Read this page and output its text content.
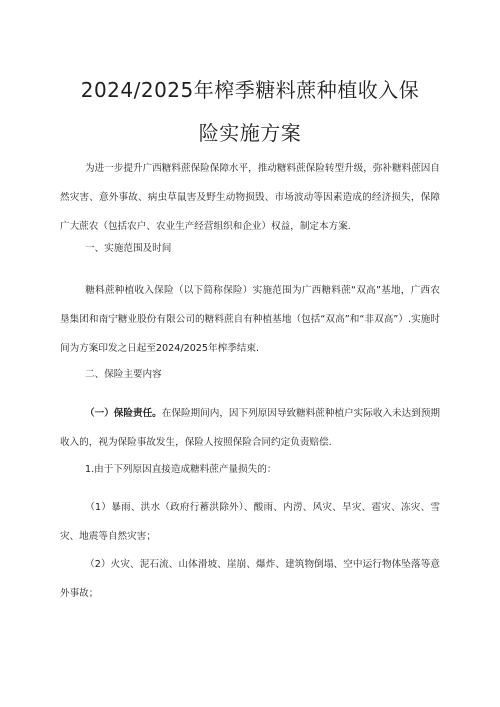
2024/2025年榨季糖料蔗种植收入保
险实施方案

为进一步提升广西糖料蔗保险保障水平，推动糖料蔗保险转型升级，弥补糖料蔗因自然灾害、意外事故、病虫草鼠害及野生动物损毁、市场波动等因素造成的经济损失，保障广大蔗农（包括农户、农业生产经营组织和企业）权益，制定本方案.

一、实施范围及时间

糖料蔗种植收入保险（以下简称保险）实施范围为广西糖料蔗“双高”基地，广西农垦集团和南宁糖业股份有限公司的糖料蔗自有种植基地（包括“双高”和“非双高”）.实施时间为方案印发之日起至2024/2025年榨季结束.

二、保险主要内容

（一）保险责任。在保险期间内，因下列原因导致糖料蔗种植户实际收入未达到预期收入的，视为保险事故发生，保险人按照保险合同约定负责赔偿.

1.由于下列原因直接造成糖料蔗产量损失的：

（1）暴雨、洪水（政府行蓄洪除外）、酸雨、内涝、风灾、旱灾、雹灾、冻灾、雪灾、地震等自然灾害；

（2）火灾、泥石流、山体滑坡、崖崩、爆炸、建筑物倒塌、空中运行物体坠落等意外事故；
